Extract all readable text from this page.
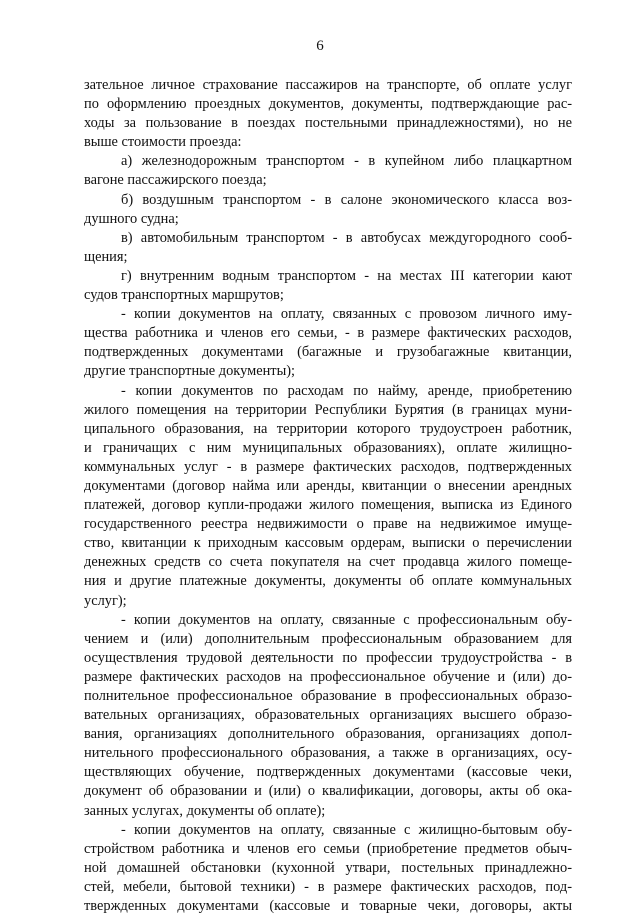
6
зательное личное страхование пассажиров на транспорте, об оплате услуг
по оформлению проездных документов, документы, подтверждающие рас-
ходы за пользование в поездах постельными принадлежностями), но не
выше стоимости проезда:
а) железнодорожным транспортом - в купейном либо плацкартном
вагоне пассажирского поезда;
б) воздушным транспортом - в салоне экономического класса воз-
душного судна;
в) автомобильным транспортом - в автобусах междугородного сооб-
щения;
г) внутренним водным транспортом - на местах III категории кают
судов транспортных маршрутов;
- копии документов на оплату, связанных с провозом личного иму-
щества работника и членов его семьи, - в размере фактических расходов,
подтвержденных документами (багажные и грузобагажные квитанции,
другие транспортные документы);
- копии документов по расходам по найму, аренде, приобретению
жилого помещения на территории Республики Бурятия (в границах муни-
ципального образования, на территории которого трудоустроен работник,
и граничащих с ним муниципальных образованиях), оплате жилищно-
коммунальных услуг - в размере фактических расходов, подтвержденных
документами (договор найма или аренды, квитанции о внесении арендных
платежей, договор купли-продажи жилого помещения, выписка из Единого
государственного реестра недвижимости о праве на недвижимое имуще-
ство, квитанции к приходным кассовым ордерам, выписки о перечислении
денежных средств со счета покупателя на счет продавца жилого помеще-
ния и другие платежные документы, документы об оплате коммунальных
услуг);
- копии документов на оплату, связанные с профессиональным обу-
чением и (или) дополнительным профессиональным образованием для
осуществления трудовой деятельности по профессии трудоустройства - в
размере фактических расходов на профессиональное обучение и (или) до-
полнительное профессиональное образование в профессиональных образо-
вательных организациях, образовательных организациях высшего образо-
вания, организациях дополнительного образования, организациях допол-
нительного профессионального образования, а также в организациях, осу-
ществляющих обучение, подтвержденных документами (кассовые чеки,
документ об образовании и (или) о квалификации, договоры, акты об ока-
занных услугах, документы об оплате);
- копии документов на оплату, связанные с жилищно-бытовым обу-
стройством работника и членов его семьи (приобретение предметов обыч-
ной домашней обстановки (кухонной утвари, постельных принадлежно-
стей, мебели, бытовой техники) - в размере фактических расходов, под-
твержденных документами (кассовые и товарные чеки, договоры, акты
